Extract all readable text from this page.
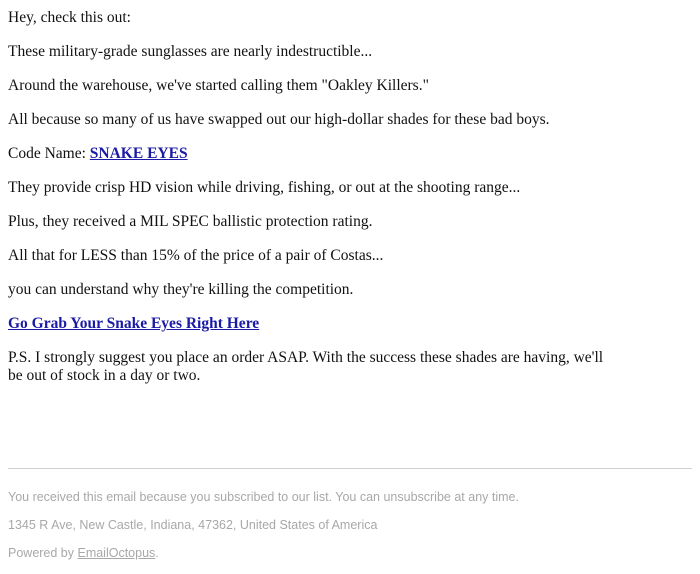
Hey, check this out:

These military-grade sunglasses are nearly indestructible...

Around the warehouse, we've started calling them "Oakley Killers."

All because so many of us have swapped out our high-dollar shades for these bad boys.

Code Name: SNAKE EYES

They provide crisp HD vision while driving, fishing, or out at the shooting range...

Plus, they received a MIL SPEC ballistic protection rating.

All that for LESS than 15% of the price of a pair of Costas...

you can understand why they're killing the competition.

Go Grab Your Snake Eyes Right Here

P.S. I strongly suggest you place an order ASAP. With the success these shades are having, we'll be out of stock in a day or two.

You received this email because you subscribed to our list. You can unsubscribe at any time.
1345 R Ave, New Castle, Indiana, 47362, United States of America
Powered by EmailOctopus.
